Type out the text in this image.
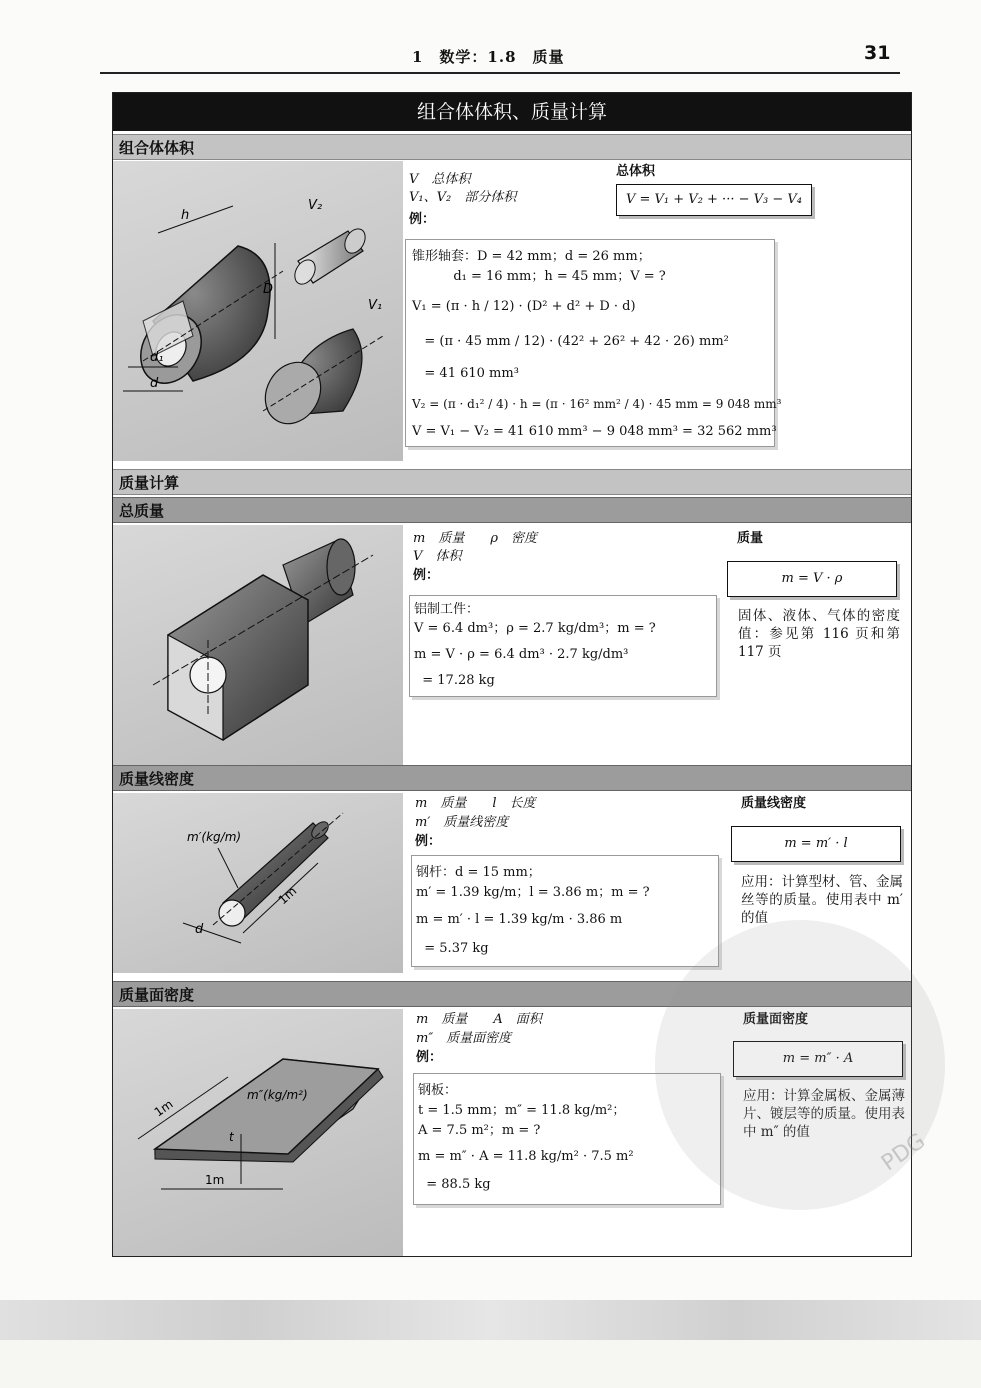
1　数学：1.8　质量	31
组合体体积、质量计算
组合体体积
h
D
d₁
d
V₂
V₁
V　总体积
V₁、V₂　部分体积
例：
总体积
V = V₁ + V₂ + ··· − V₃ − V₄
锥形轴套：D = 42 mm；d = 26 mm；
d₁ = 16 mm；h = 45 mm；V = ?
V₁ = (π · h / 12) · (D² + d² + D · d)
= (π · 45 mm / 12) · (42² + 26² + 42 · 26) mm²
= 41 610 mm³
V₂ = (π · d₁² / 4) · h = (π · 16² mm² / 4) · 45 mm = 9 048 mm³
V = V₁ − V₂ = 41 610 mm³ − 9 048 mm³ = 32 562 mm³
质量计算
总质量
m　质量　　ρ　密度
V　体积
例：
质量
m = V · ρ
固体、液体、气体的密度值：参见第 116 页和第 117 页
铝制工件：
V = 6.4 dm³；ρ = 2.7 kg/dm³；m = ?
m = V · ρ = 6.4 dm³ · 2.7 kg/dm³
= 17.28 kg
质量线密度
1m
d
m′(kg/m)
m　质量　　l　长度
m′　质量线密度
例：
质量线密度
m = m′ · l
应用：计算型材、管、金属丝等的质量。使用表中 m′ 的值
钢杆：d = 15 mm；
m′ = 1.39 kg/m；l = 3.86 m；m = ?
m = m′ · l = 1.39 kg/m · 3.86 m
= 5.37 kg
质量面密度
1m
1m
t
m″(kg/m²)
m　质量　　A　面积
m″　质量面密度
例：
质量面密度
m = m″ · A
应用：计算金属板、金属薄片、镀层等的质量。使用表中 m″ 的值
钢板：
t = 1.5 mm；m″ = 11.8 kg/m²；
A = 7.5 m²；m = ?
m = m″ · A = 11.8 kg/m² · 7.5 m²
= 88.5 kg
PDG
